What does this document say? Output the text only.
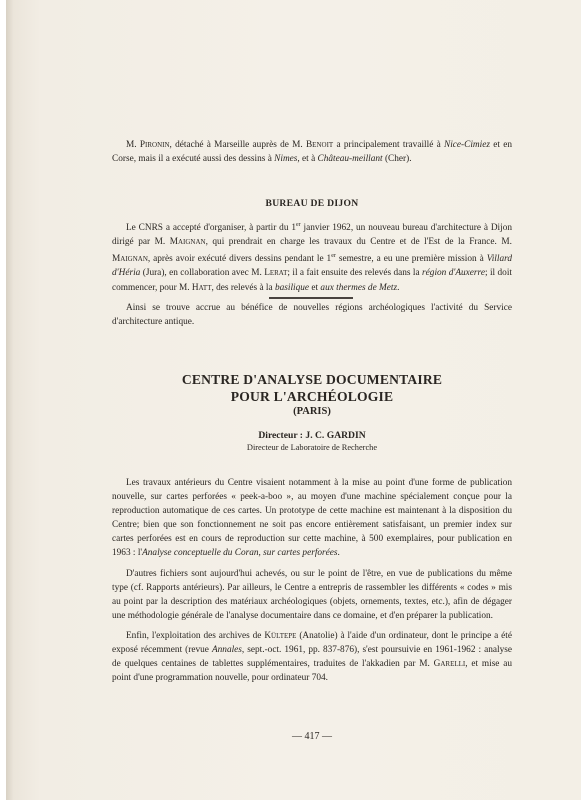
M. Pironin, détaché à Marseille auprès de M. Benoit a principalement travaillé à Nice-Cimiez et en Corse, mais il a exécuté aussi des dessins à Nimes, et à Château-meillant (Cher).

BUREAU DE DIJON

Le CNRS a accepté d'organiser, à partir du 1er janvier 1962, un nouveau bureau d'architecture à Dijon dirigé par M. Maignan, qui prendrait en charge les travaux du Centre et de l'Est de la France. M. Maignan, après avoir exécuté divers dessins pendant le 1er semestre, a eu une première mission à Villard d'Héria (Jura), en collaboration avec M. Lerat; il a fait ensuite des relevés dans la région d'Auxerre; il doit commencer, pour M. Hatt, des relevés à la basilique et aux thermes de Metz.

Ainsi se trouve accrue au bénéfice de nouvelles régions archéologiques l'activité du Service d'architecture antique.

CENTRE D'ANALYSE DOCUMENTAIRE
POUR L'ARCHÉOLOGIE
(PARIS)
Directeur : J. C. GARDIN
Directeur de Laboratoire de Recherche

Les travaux antérieurs du Centre visaient notamment à la mise au point d'une forme de publication nouvelle, sur cartes perforées « peek-a-boo », au moyen d'une machine spécialement conçue pour la reproduction automatique de ces cartes. Un prototype de cette machine est maintenant à la disposition du Centre; bien que son fonctionnement ne soit pas encore entièrement satisfaisant, un premier index sur cartes perforées est en cours de reproduction sur cette machine, à 500 exemplaires, pour publication en 1963 : l'Analyse conceptuelle du Coran, sur cartes perforées.

D'autres fichiers sont aujourd'hui achevés, ou sur le point de l'être, en vue de publications du même type (cf. Rapports antérieurs). Par ailleurs, le Centre a entrepris de rassembler les différents « codes » mis au point par la description des matériaux archéologiques (objets, ornements, textes, etc.), afin de dégager une méthodologie générale de l'analyse documentaire dans ce domaine, et d'en préparer la publication.

Enfin, l'exploitation des archives de Kültepe (Anatolie) à l'aide d'un ordinateur, dont le principe a été exposé récemment (revue Annales, sept.-oct. 1961, pp. 837-876), s'est poursuivie en 1961-1962 : analyse de quelques centaines de tablettes supplémentaires, traduites de l'akkadien par M. Garelli, et mise au point d'une programmation nouvelle, pour ordinateur 704.

— 417 —
